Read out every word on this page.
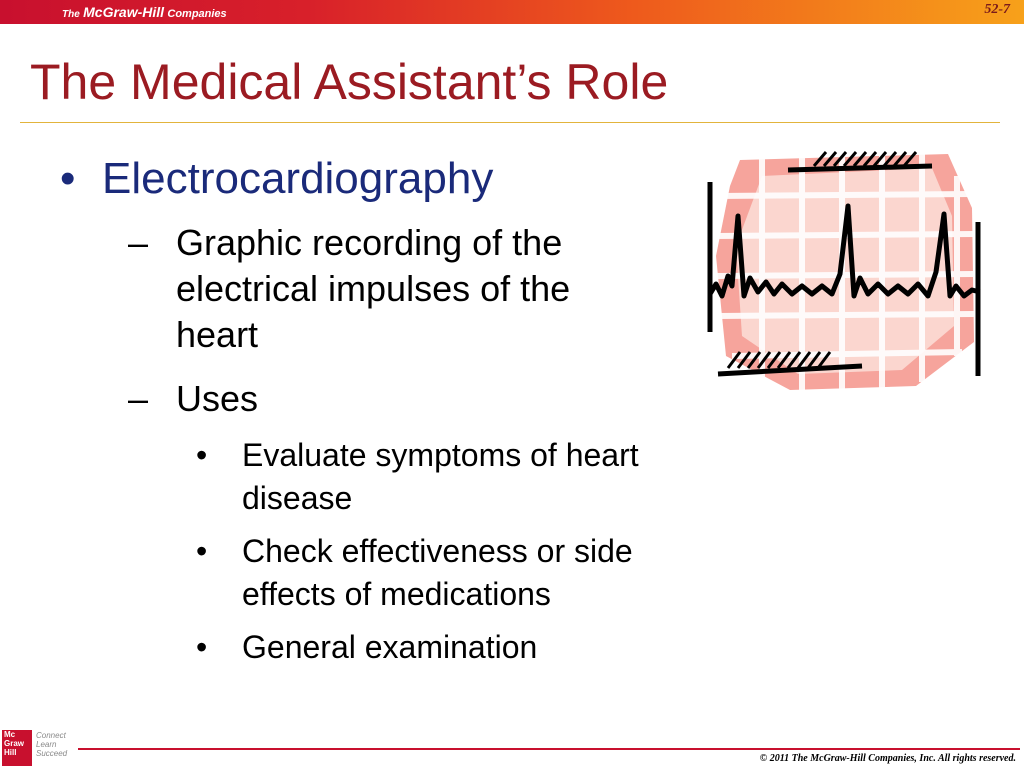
The McGraw-Hill Companies	52-7
The Medical Assistant’s Role
• Electrocardiography
– Graphic recording of the
electrical impulses of the
heart
– Uses
• Evaluate symptoms of heart
disease
• Check effectiveness or side
effects of medications
• General examination
Mc
Graw
Hill
Connect
Learn
Succeed	© 2011 The McGraw-Hill Companies, Inc. All rights reserved.
